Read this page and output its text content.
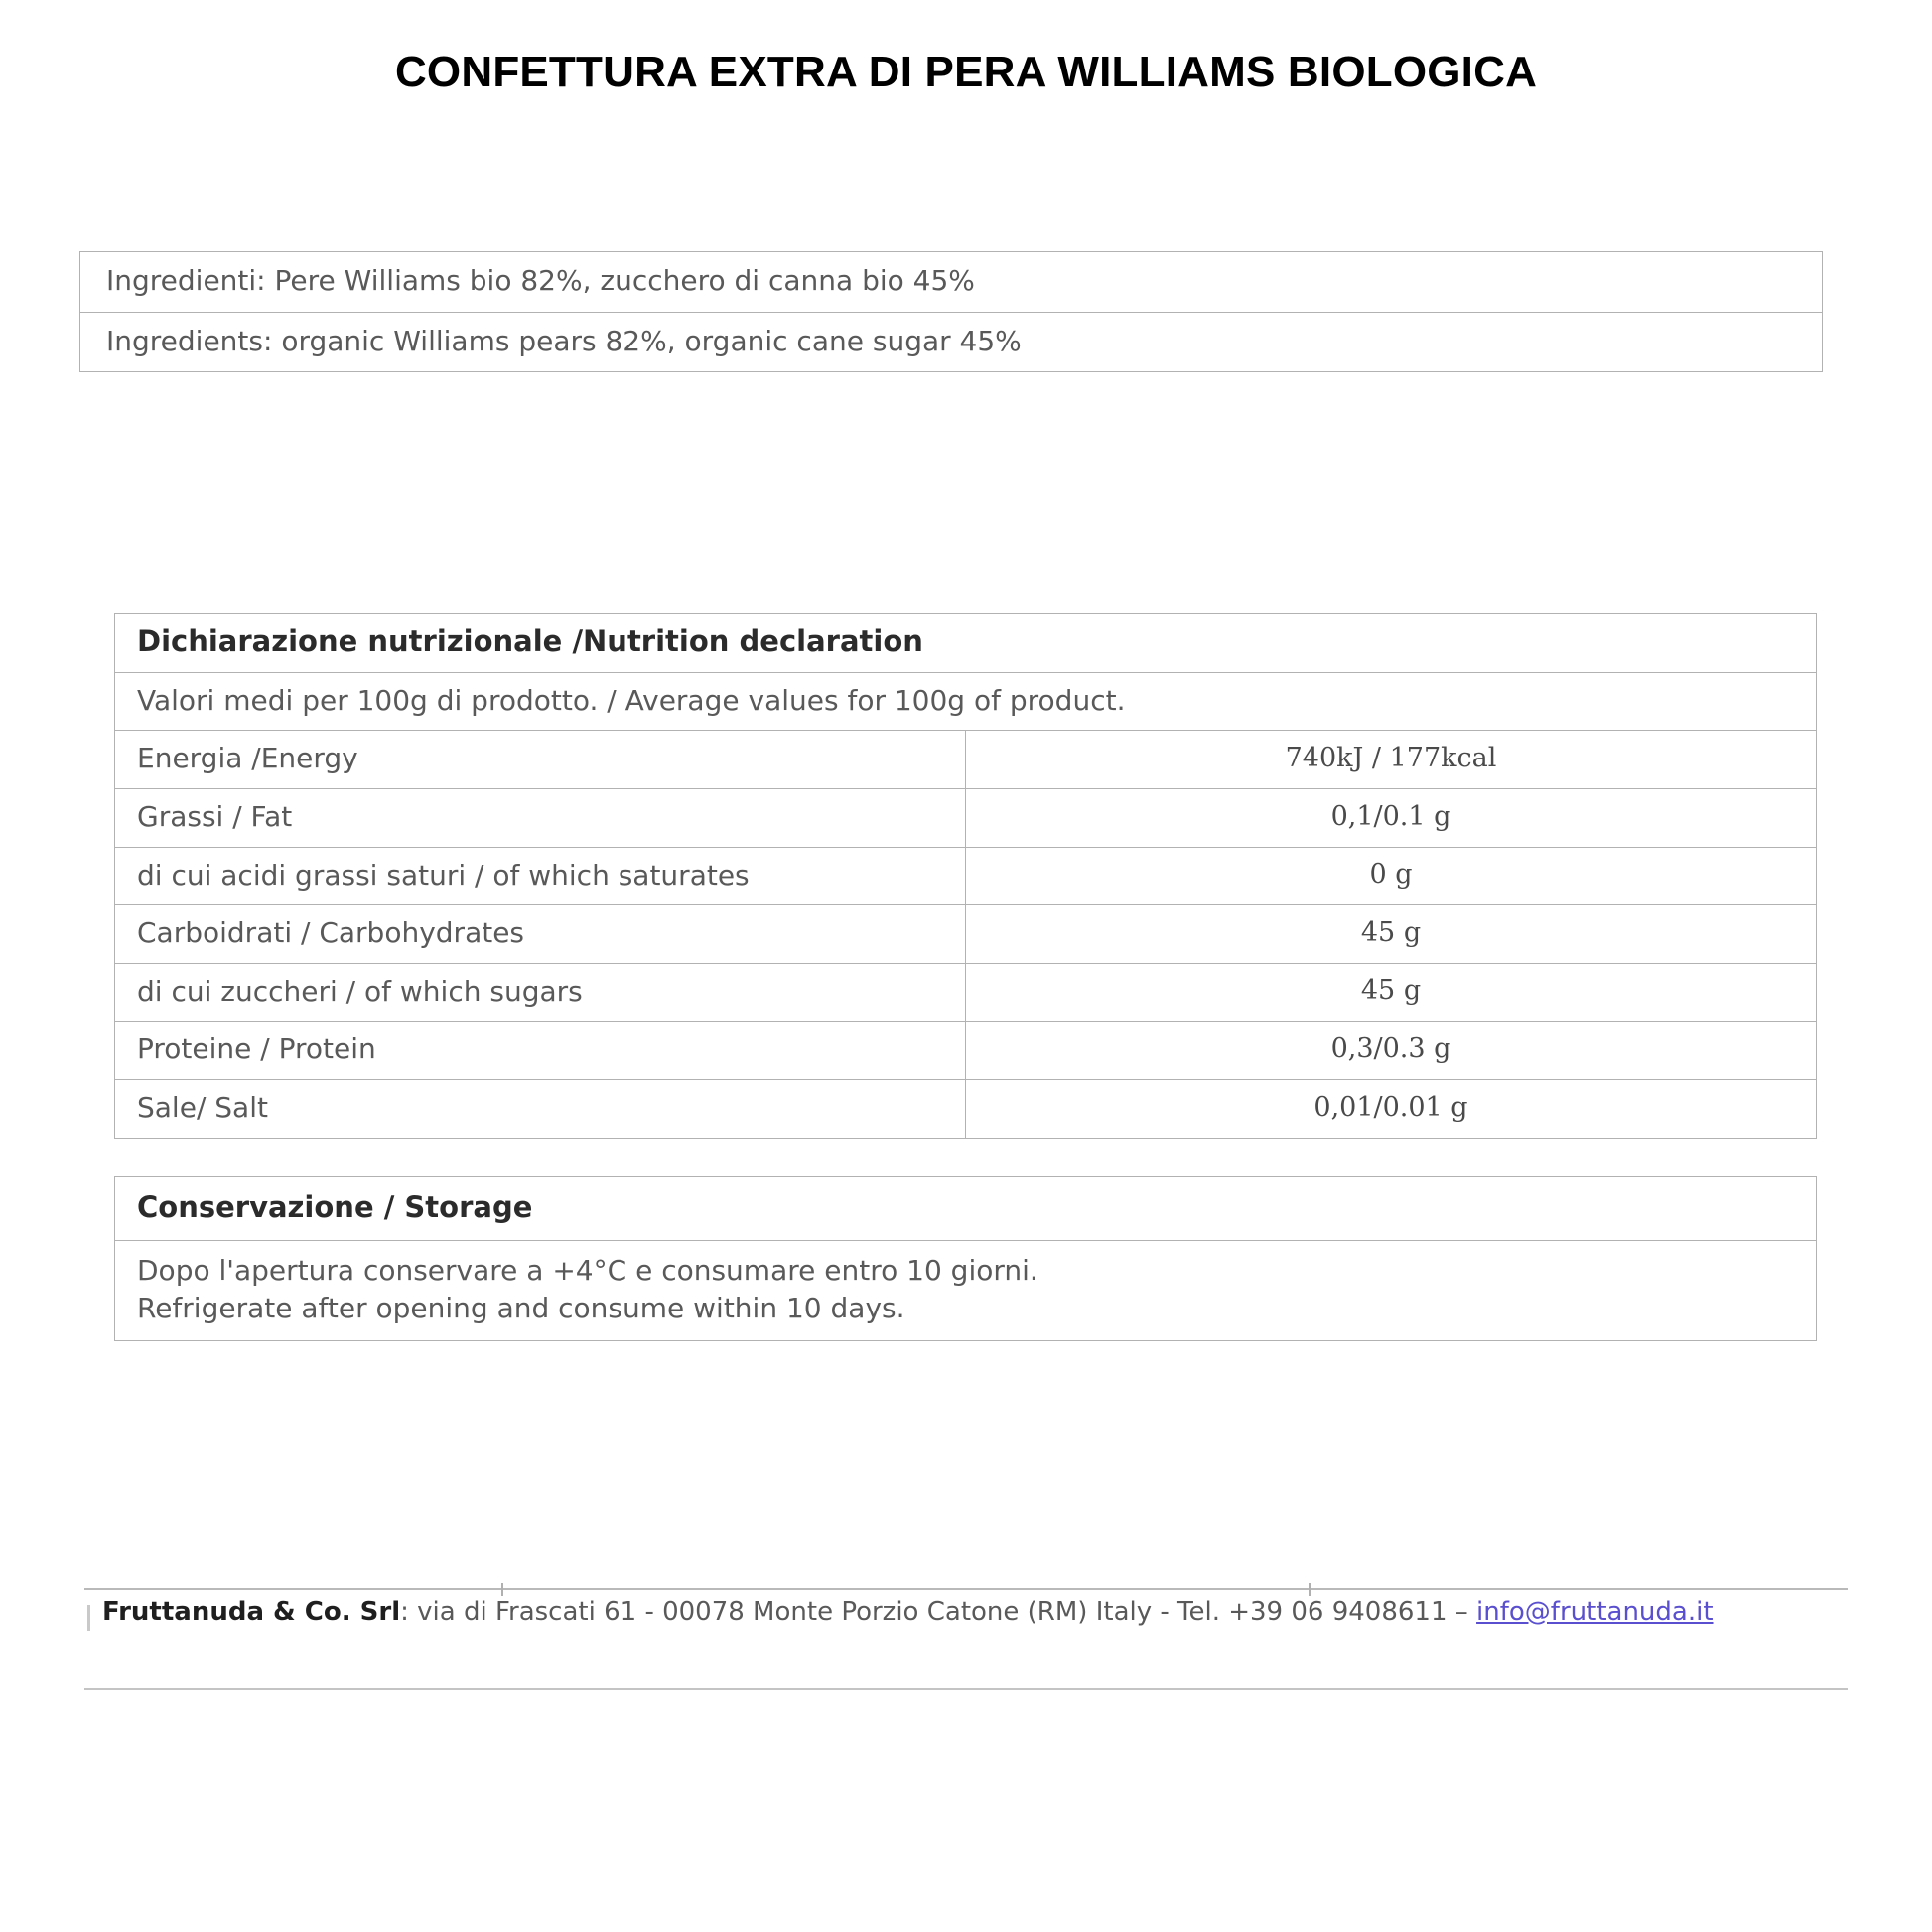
CONFETTURA EXTRA DI PERA WILLIAMS BIOLOGICA
Ingredienti: Pere Williams bio 82%, zucchero di canna bio 45%
Ingredients: organic Williams pears 82%, organic cane sugar 45%
Dichiarazione nutrizionale /Nutrition declaration	
Valori medi per 100g di prodotto. / Average values for 100g of product.	
Energia /Energy	740kJ / 177kcal
Grassi / Fat	0,1/0.1 g
di cui acidi grassi saturi / of which saturates	0 g
Carboidrati / Carbohydrates	45 g
di cui zuccheri / of which sugars	45 g
Proteine / Protein	0,3/0.3 g
Sale/ Salt	0,01/0.01 g
Conservazione / Storage

Dopo l'apertura conservare a +4°C e consumare entro 10 giorni.
Refrigerate after opening and consume within 10 days.
Fruttanuda & Co. Srl: via di Frascati 61 - 00078 Monte Porzio Catone (RM) Italy - Tel. +39 06 9408611 – info@fruttanuda.it
